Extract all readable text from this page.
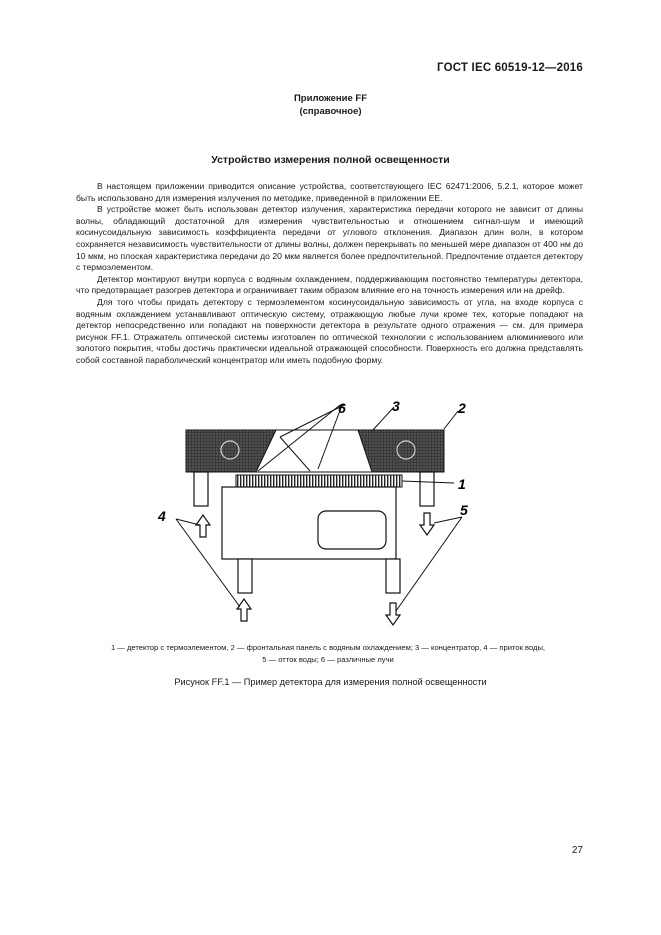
ГОСТ IEC 60519-12—2016
Приложение FF
(справочное)
Устройство измерения полной освещенности

В настоящем приложении приводится описание устройства, соответствующего IEC 62471:2006, 5.2.1, которое может быть использовано для измерения излучения по методике, приведенной в приложении ЕЕ.

В устройстве может быть использован детектор излучения, характеристика передачи которого не зависит от длины волны, обладающий достаточной для измерения чувствительностью и отношением сигнал-шум и имеющий косинусоидальную зависимость коэффициента передачи от углового отклонения. Диапазон длин волн, в котором сохраняется независимость чувствительности от длины волны, должен перекрывать по меньшей мере диапазон от 400 нм до 10 мкм, но плоская характеристика передачи до 20 мкм является более предпочтительной. Предпочтение отдается детектору с термоэлементом.

Детектор монтируют внутри корпуса с водяным охлаждением, поддерживающим постоянство температуры детектора, что предотвращает разогрев детектора и ограничивает таким образом влияние его на точность измерения или на дрейф.

Для того чтобы придать детектору с термоэлементом косинусоидальную зависимость от угла, на входе корпуса с водяным охлаждением устанавливают оптическую систему, отражающую любые лучи кроме тех, которые попадают на детектор непосредственно или попадают на поверхности детектора в результате одного отражения — см. для примера рисунок FF.1. Отражатель оптической системы изготовлен по оптической технологии с использованием алюминиевого или золотого покрытия, чтобы достичь практически идеальной отражающей способности. Поверхность его должна представлять собой составной параболический концентратор или иметь подобную форму.

6	3	2
1
4	5
1 — детектор с термоэлементом, 2 — фронтальная панель с водяным охлаждением; 3 — концентратор, 4 — приток воды,
5 — отток воды; 6 — различные лучи
Рисунок FF.1 — Пример детектора для измерения полной освещенности
27
